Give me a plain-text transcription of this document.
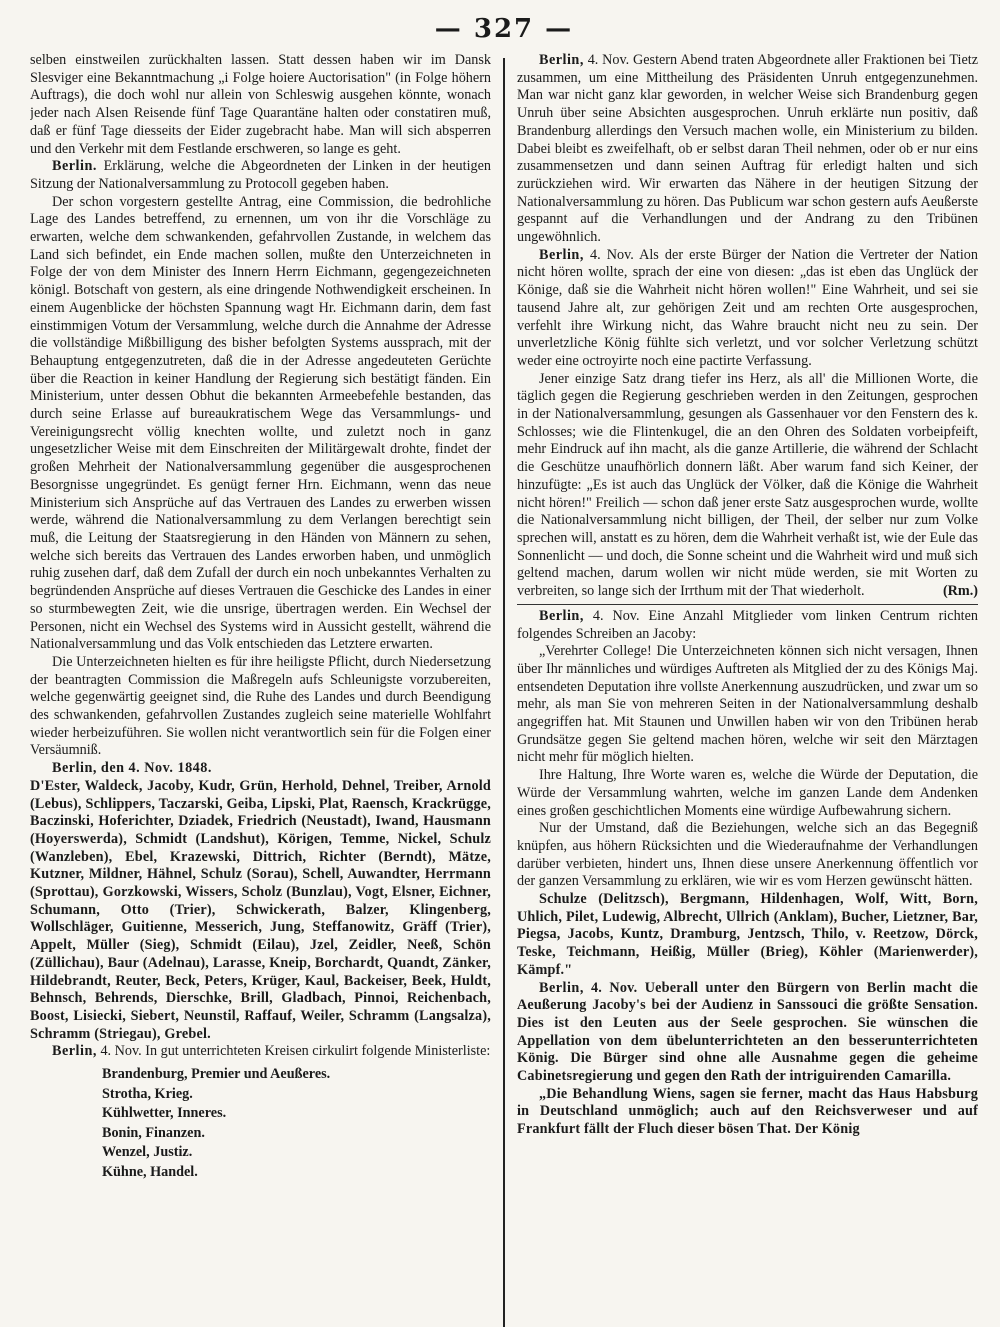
— 327 —

selben einstweilen zurückhalten lassen. Statt dessen haben wir im Dansk Slesviger eine Bekanntmachung „i Folge hoiere Auctorisation" (in Folge höhern Auftrags), die doch wohl nur allein von Schleswig ausgehen könnte, wonach jeder nach Alsen Reisende fünf Tage Quarantäne halten oder constatiren muß, daß er fünf Tage diesseits der Eider zugebracht habe. Man will sich absperren und den Verkehr mit dem Festlande erschweren, so lange es geht.

Berlin. Erklärung, welche die Abgeordneten der Linken in der heutigen Sitzung der Nationalversammlung zu Protocoll gegeben haben.

Der schon vorgestern gestellte Antrag, eine Commission, die bedrohliche Lage des Landes betreffend, zu ernennen, um von ihr die Vorschläge zu erwarten, welche dem schwankenden, gefahrvollen Zustande, in welchem das Land sich befindet, ein Ende machen sollen, mußte den Unterzeichneten in Folge der von dem Minister des Innern Herrn Eichmann, gegengezeichneten königl. Botschaft von gestern, als eine dringende Nothwendigkeit erscheinen. In einem Augenblicke der höchsten Spannung wagt Hr. Eichmann darin, dem fast einstimmigen Votum der Versammlung, welche durch die Annahme der Adresse die vollständige Mißbilligung des bisher befolgten Systems aussprach, mit der Behauptung entgegenzutreten, daß die in der Adresse angedeuteten Gerüchte über die Reaction in keiner Handlung der Regierung sich bestätigt fänden. Ein Ministerium, unter dessen Obhut die bekannten Armeebefehle bestanden, das durch seine Erlasse auf bureaukratischem Wege das Versammlungs- und Vereinigungsrecht völlig knechten wollte, und zuletzt noch in ganz ungesetzlicher Weise mit dem Einschreiten der Militärgewalt drohte, findet der großen Mehrheit der Nationalversammlung gegenüber die ausgesprochenen Besorgnisse ungegründet. Es genügt ferner Hrn. Eichmann, wenn das neue Ministerium sich Ansprüche auf das Vertrauen des Landes zu erwerben wissen werde, während die Nationalversammlung zu dem Verlangen berechtigt sein muß, die Leitung der Staatsregierung in den Händen von Männern zu sehen, welche sich bereits das Vertrauen des Landes erworben haben, und unmöglich ruhig zusehen darf, daß dem Zufall der durch ein noch unbekanntes Verhalten zu begründenden Ansprüche auf dieses Vertrauen die Geschicke des Landes in einer so sturmbewegten Zeit, wie die unsrige, übertragen werden. Ein Wechsel der Personen, nicht ein Wechsel des Systems wird in Aussicht gestellt, während die Nationalversammlung und das Volk entschieden das Letztere erwarten.

Die Unterzeichneten hielten es für ihre heiligste Pflicht, durch Niedersetzung der beantragten Commission die Maßregeln aufs Schleunigste vorzubereiten, welche gegenwärtig geeignet sind, die Ruhe des Landes und durch Beendigung des schwankenden, gefahrvollen Zustandes zugleich seine materielle Wohlfahrt wieder herbeizuführen. Sie wollen nicht verantwortlich sein für die Folgen einer Versäumniß.

Berlin, den 4. Nov. 1848.

D'Ester, Waldeck, Jacoby, Kudr, Grün, Herhold, Dehnel, Treiber, Arnold (Lebus), Schlippers, Taczarski, Geiba, Lipski, Plat, Raensch, Krackrügge, Baczinski, Hoferichter, Dziadek, Friedrich (Neustadt), Iwand, Hausmann (Hoyerswerda), Schmidt (Landshut), Körigen, Temme, Nickel, Schulz (Wanzleben), Ebel, Krazewski, Dittrich, Richter (Berndt), Mätze, Kutzner, Mildner, Hähnel, Schulz (Sorau), Schell, Auwandter, Herrmann (Sprottau), Gorzkowski, Wissers, Scholz (Bunzlau), Vogt, Elsner, Eichner, Schumann, Otto (Trier), Schwickerath, Balzer, Klingenberg, Wollschläger, Guitienne, Messerich, Jung, Steffanowitz, Gräff (Trier), Appelt, Müller (Sieg), Schmidt (Eilau), Jzel, Zeidler, Neeß, Schön (Züllichau), Baur (Adelnau), Larasse, Kneip, Borchardt, Quandt, Zänker, Hildebrandt, Reuter, Beck, Peters, Krüger, Kaul, Backeiser, Beek, Huldt, Behnsch, Behrends, Dierschke, Brill, Gladbach, Pinnoi, Reichenbach, Boost, Lisiecki, Siebert, Neunstil, Raffauf, Weiler, Schramm (Langsalza), Schramm (Striegau), Grebel.

Berlin, 4. Nov. In gut unterrichteten Kreisen cirkulirt folgende Ministerliste:

Brandenburg, Premier und Aeußeres.
Strotha, Krieg.
Kühlwetter, Inneres.
Bonin, Finanzen.
Wenzel, Justiz.
Kühne, Handel.

Berlin, 4. Nov. Gestern Abend traten Abgeordnete aller Fraktionen bei Tietz zusammen, um eine Mittheilung des Präsidenten Unruh entgegenzunehmen. Man war nicht ganz klar geworden, in welcher Weise sich Brandenburg gegen Unruh über seine Absichten ausgesprochen. Unruh erklärte nun positiv, daß Brandenburg allerdings den Versuch machen wolle, ein Ministerium zu bilden. Dabei bleibt es zweifelhaft, ob er selbst daran Theil nehmen, oder ob er nur eins zusammensetzen und dann seinen Auftrag für erledigt halten und sich zurückziehen wird. Wir erwarten das Nähere in der heutigen Sitzung der Nationalversammlung zu hören. Das Publicum war schon gestern aufs Aeußerste gespannt auf die Verhandlungen und der Andrang zu den Tribünen ungewöhnlich.

Berlin, 4. Nov. Als der erste Bürger der Nation die Vertreter der Nation nicht hören wollte, sprach der eine von diesen: „das ist eben das Unglück der Könige, daß sie die Wahrheit nicht hören wollen!" Eine Wahrheit, und sei sie tausend Jahre alt, zur gehörigen Zeit und am rechten Orte ausgesprochen, verfehlt ihre Wirkung nicht, das Wahre braucht nicht neu zu sein. Der unverletzliche König fühlte sich verletzt, und vor solcher Verletzung schützt weder eine octroyirte noch eine pactirte Verfassung.

Jener einzige Satz drang tiefer ins Herz, als all' die Millionen Worte, die täglich gegen die Regierung geschrieben werden in den Zeitungen, gesprochen in der Nationalversammlung, gesungen als Gassenhauer vor den Fenstern des k. Schlosses; wie die Flintenkugel, die an den Ohren des Soldaten vorbeipfeift, mehr Eindruck auf ihn macht, als die ganze Artillerie, die während der Schlacht die Geschütze unaufhörlich donnern läßt. Aber warum fand sich Keiner, der hinzufügte: „Es ist auch das Unglück der Völker, daß die Könige die Wahrheit nicht hören!" Freilich — schon daß jener erste Satz ausgesprochen wurde, wollte die Nationalversammlung nicht billigen, der Theil, der selber nur zum Volke sprechen will, anstatt es zu hören, dem die Wahrheit verhaßt ist, wie der Eule das Sonnenlicht — und doch, die Sonne scheint und die Wahrheit wird und muß sich geltend machen, darum wollen wir nicht müde werden, sie mit Worten zu verbreiten, so lange sich der Irrthum mit der That wiederholt.	(Rm.)

Berlin, 4. Nov. Eine Anzahl Mitglieder vom linken Centrum richten folgendes Schreiben an Jacoby:

„Verehrter College! Die Unterzeichneten können sich nicht versagen, Ihnen über Ihr männliches und würdiges Auftreten als Mitglied der zu des Königs Maj. entsendeten Deputation ihre vollste Anerkennung auszudrücken, und zwar um so mehr, als man Sie von mehreren Seiten in der Nationalversammlung deshalb angegriffen hat. Mit Staunen und Unwillen haben wir von den Tribünen herab Grundsätze gegen Sie geltend machen hören, welche wir seit den Märztagen nicht mehr für möglich hielten.

Ihre Haltung, Ihre Worte waren es, welche die Würde der Deputation, die Würde der Versammlung wahrten, welche im ganzen Lande dem Andenken eines großen geschichtlichen Moments eine würdige Aufbewahrung sichern.

Nur der Umstand, daß die Beziehungen, welche sich an das Begegniß knüpfen, aus höhern Rücksichten und die Wiederaufnahme der Verhandlungen darüber verbieten, hindert uns, Ihnen diese unsere Anerkennung öffentlich vor der ganzen Versammlung zu erklären, wie wir es vom Herzen gewünscht hätten.

Schulze (Delitzsch), Bergmann, Hildenhagen, Wolf, Witt, Born, Uhlich, Pilet, Ludewig, Albrecht, Ullrich (Anklam), Bucher, Lietzner, Bar, Piegsa, Jacobs, Kuntz, Dramburg, Jentzsch, Thilo, v. Reetzow, Dörck, Teske, Teichmann, Heißig, Müller (Brieg), Köhler (Marienwerder), Kämpf."

Berlin, 4. Nov. Ueberall unter den Bürgern von Berlin macht die Aeußerung Jacoby's bei der Audienz in Sanssouci die größte Sensation. Dies ist den Leuten aus der Seele gesprochen. Sie wünschen die Appellation von dem übelunterrichteten an den besserunterrichteten König. Die Bürger sind ohne alle Ausnahme gegen die geheime Cabinetsregierung und gegen den Rath der intriguirenden Camarilla.

„Die Behandlung Wiens, sagen sie ferner, macht das Haus Habsburg in Deutschland unmöglich; auch auf den Reichsverweser und auf Frankfurt fällt der Fluch dieser bösen That. Der König
